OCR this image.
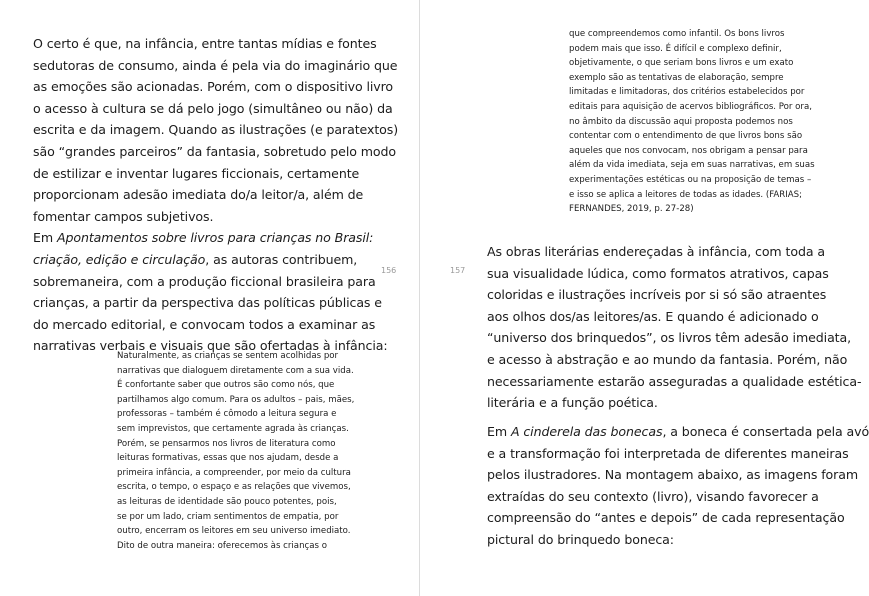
O certo é que, na infância, entre tantas mídias e fontes
sedutoras de consumo, ainda é pela via do imaginário que
as emoções são acionadas. Porém, com o dispositivo livro
o acesso à cultura se dá pelo jogo (simultâneo ou não) da
escrita e da imagem. Quando as ilustrações (e paratextos)
são “grandes parceiros” da fantasia, sobretudo pelo modo
de estilizar e inventar lugares ficcionais, certamente
proporcionam adesão imediata do/a leitor/a, além de
fomentar campos subjetivos.
Em Apontamentos sobre livros para crianças no Brasil:
criação, edição e circulação, as autoras contribuem,
sobremaneira, com a produção ficcional brasileira para
crianças, a partir da perspectiva das políticas públicas e
do mercado editorial, e convocam todos a examinar as
narrativas verbais e visuais que são ofertadas à infância:
Naturalmente, as crianças se sentem acolhidas por
narrativas que dialoguem diretamente com a sua vida.
É confortante saber que outros são como nós, que
partilhamos algo comum. Para os adultos – pais, mães,
professoras – também é cômodo a leitura segura e
sem imprevistos, que certamente agrada às crianças.
Porém, se pensarmos nos livros de literatura como
leituras formativas, essas que nos ajudam, desde a
primeira infância, a compreender, por meio da cultura
escrita, o tempo, o espaço e as relações que vivemos,
as leituras de identidade são pouco potentes, pois,
se por um lado, criam sentimentos de empatia, por
outro, encerram os leitores em seu universo imediato.
Dito de outra maneira: oferecemos às crianças o
156	157
que compreendemos como infantil. Os bons livros
podem mais que isso. É difícil e complexo definir,
objetivamente, o que seriam bons livros e um exato
exemplo são as tentativas de elaboração, sempre
limitadas e limitadoras, dos critérios estabelecidos por
editais para aquisição de acervos bibliográficos. Por ora,
no âmbito da discussão aqui proposta podemos nos
contentar com o entendimento de que livros bons são
aqueles que nos convocam, nos obrigam a pensar para
além da vida imediata, seja em suas narrativas, em suas
experimentações estéticas ou na proposição de temas –
e isso se aplica a leitores de todas as idades. (FARIAS;
FERNANDES, 2019, p. 27-28)
As obras literárias endereçadas à infância, com toda a
sua visualidade lúdica, como formatos atrativos, capas
coloridas e ilustrações incríveis por si só são atraentes
aos olhos dos/as leitores/as. E quando é adicionado o
“universo dos brinquedos”, os livros têm adesão imediata,
e acesso à abstração e ao mundo da fantasia. Porém, não
necessariamente estarão asseguradas a qualidade estética-
literária e a função poética.
Em A cinderela das bonecas, a boneca é consertada pela avó
e a transformação foi interpretada de diferentes maneiras
pelos ilustradores. Na montagem abaixo, as imagens foram
extraídas do seu contexto (livro), visando favorecer a
compreensão do “antes e depois” de cada representação
pictural do brinquedo boneca:
